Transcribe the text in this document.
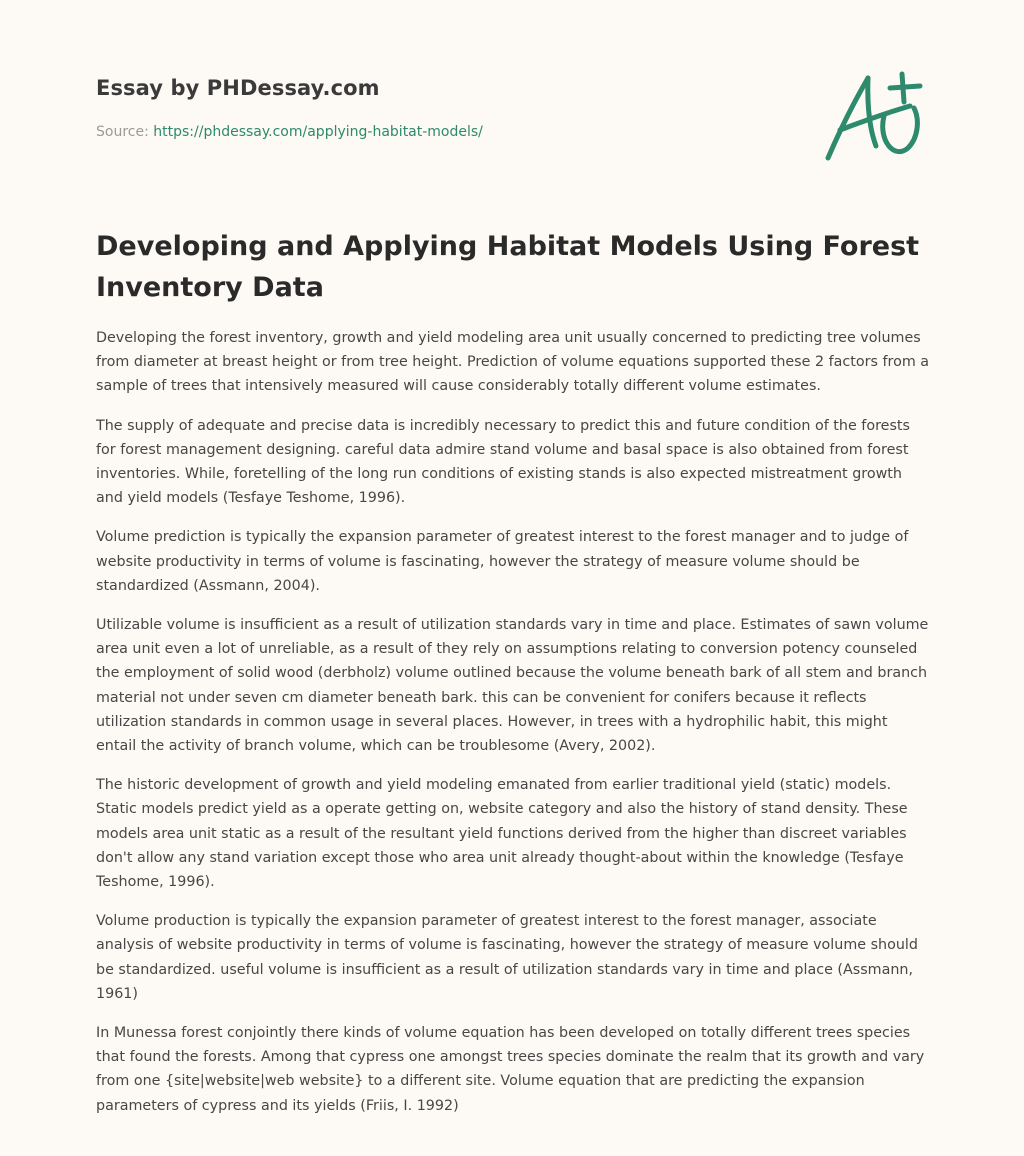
Essay by PHDessay.com
Source: https://phdessay.com/applying-habitat-models/
Developing and Applying Habitat Models Using Forest Inventory Data

Developing the forest inventory, growth and yield modeling area unit usually concerned to predicting tree volumes from diameter at breast height or from tree height. Prediction of volume equations supported these 2 factors from a sample of trees that intensively measured will cause considerably totally different volume estimates.

The supply of adequate and precise data is incredibly necessary to predict this and future condition of the forests for forest management designing. careful data admire stand volume and basal space is also obtained from forest inventories. While, foretelling of the long run conditions of existing stands is also expected mistreatment growth and yield models (Tesfaye Teshome, 1996).

Volume prediction is typically the expansion parameter of greatest interest to the forest manager and to judge of website productivity in terms of volume is fascinating, however the strategy of measure volume should be standardized (Assmann, 2004).

Utilizable volume is insufficient as a result of utilization standards vary in time and place. Estimates of sawn volume area unit even a lot of unreliable, as a result of they rely on assumptions relating to conversion potency counseled the employment of solid wood (derbholz) volume outlined because the volume beneath bark of all stem and branch material not under seven cm diameter beneath bark. this can be convenient for conifers because it reflects utilization standards in common usage in several places. However, in trees with a hydrophilic habit, this might entail the activity of branch volume, which can be troublesome (Avery, 2002).

The historic development of growth and yield modeling emanated from earlier traditional yield (static) models. Static models predict yield as a operate getting on, website category and also the history of stand density. These models area unit static as a result of the resultant yield functions derived from the higher than discreet variables don't allow any stand variation except those who area unit already thought-about within the knowledge (Tesfaye Teshome, 1996).

Volume production is typically the expansion parameter of greatest interest to the forest manager, associate analysis of website productivity in terms of volume is fascinating, however the strategy of measure volume should be standardized. useful volume is insufficient as a result of utilization standards vary in time and place (Assmann, 1961)

In Munessa forest conjointly there kinds of volume equation has been developed on totally different trees species that found the forests. Among that cypress one amongst trees species dominate the realm that its growth and vary from one {site|website|web website} to a different site. Volume equation that are predicting the expansion parameters of cypress and its yields (Friis, I. 1992)
